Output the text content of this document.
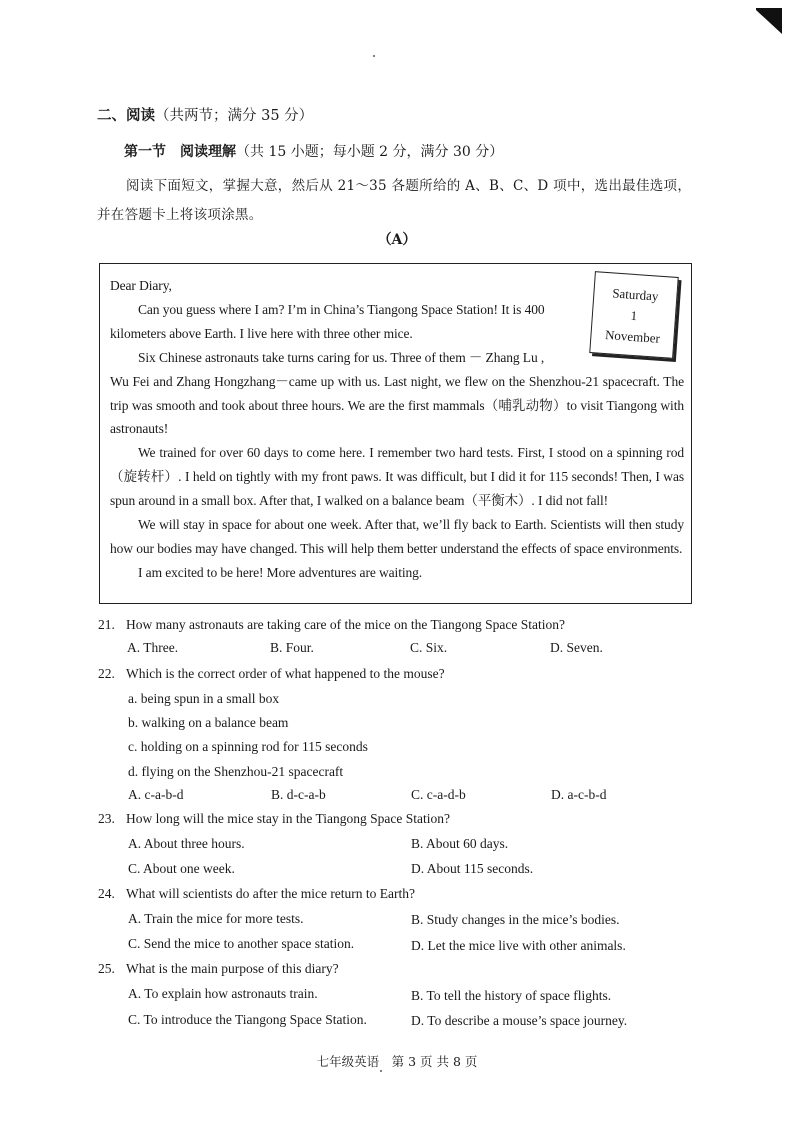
二、阅读（共两节；满分 35 分）
第一节　阅读理解（共 15 小题；每小题 2 分，满分 30 分）
阅读下面短文，掌握大意，然后从 21～35 各题所给的 A、B、C、D 项中，选出最佳选项，并在答题卡上将该项涂黑。
（A）

Dear Diary,

Can you guess where I am? I’m in China’s Tiangong Space Station! It is 400

kilometers above Earth. I live here with three other mice.

Six Chinese astronauts take turns caring for us. Three of them － Zhang Lu ,

Wu Fei and Zhang Hongzhang－came up with us. Last night, we flew on the Shenzhou-21 spacecraft. The trip was smooth and took about three hours. We are the first mammals（哺乳动物）to visit Tiangong with astronauts!

We trained for over 60 days to come here. I remember two hard tests. First, I stood on a spinning rod（旋转杆）. I held on tightly with my front paws. It was difficult, but I did it for 115 seconds! Then, I was spun around in a small box. After that, I walked on a balance beam（平衡木）. I did not fall!

We will stay in space for about one week. After that, we’ll fly back to Earth. Scientists will then study how our bodies may have changed. This will help them better understand the effects of space environments.

I am excited to be here! More adventures are waiting.

Saturday
1
November
21. How many astronauts are taking care of the mice on the Tiangong Space Station?
A. Three.	B. Four.	C. Six.	D. Seven.
22. Which is the correct order of what happened to the mouse?
a. being spun in a small box
b. walking on a balance beam
c. holding on a spinning rod for 115 seconds
d. flying on the Shenzhou-21 spacecraft
A. c-a-b-d	B. d-c-a-b	C. c-a-d-b	D. a-c-b-d
23. How long will the mice stay in the Tiangong Space Station?
A. About three hours.	B. About 60 days.
C. About one week.	D. About 115 seconds.
24. What will scientists do after the mice return to Earth?
A. Train the mice for more tests.	B. Study changes in the mice’s bodies.
C. Send the mice to another space station.	D. Let the mice live with other animals.
25. What is the main purpose of this diary?
A. To explain how astronauts train.	B. To tell the history of space flights.
C. To introduce the Tiangong Space Station.	D. To describe a mouse’s space journey.
七年级英语　第 3 页 共 8 页
